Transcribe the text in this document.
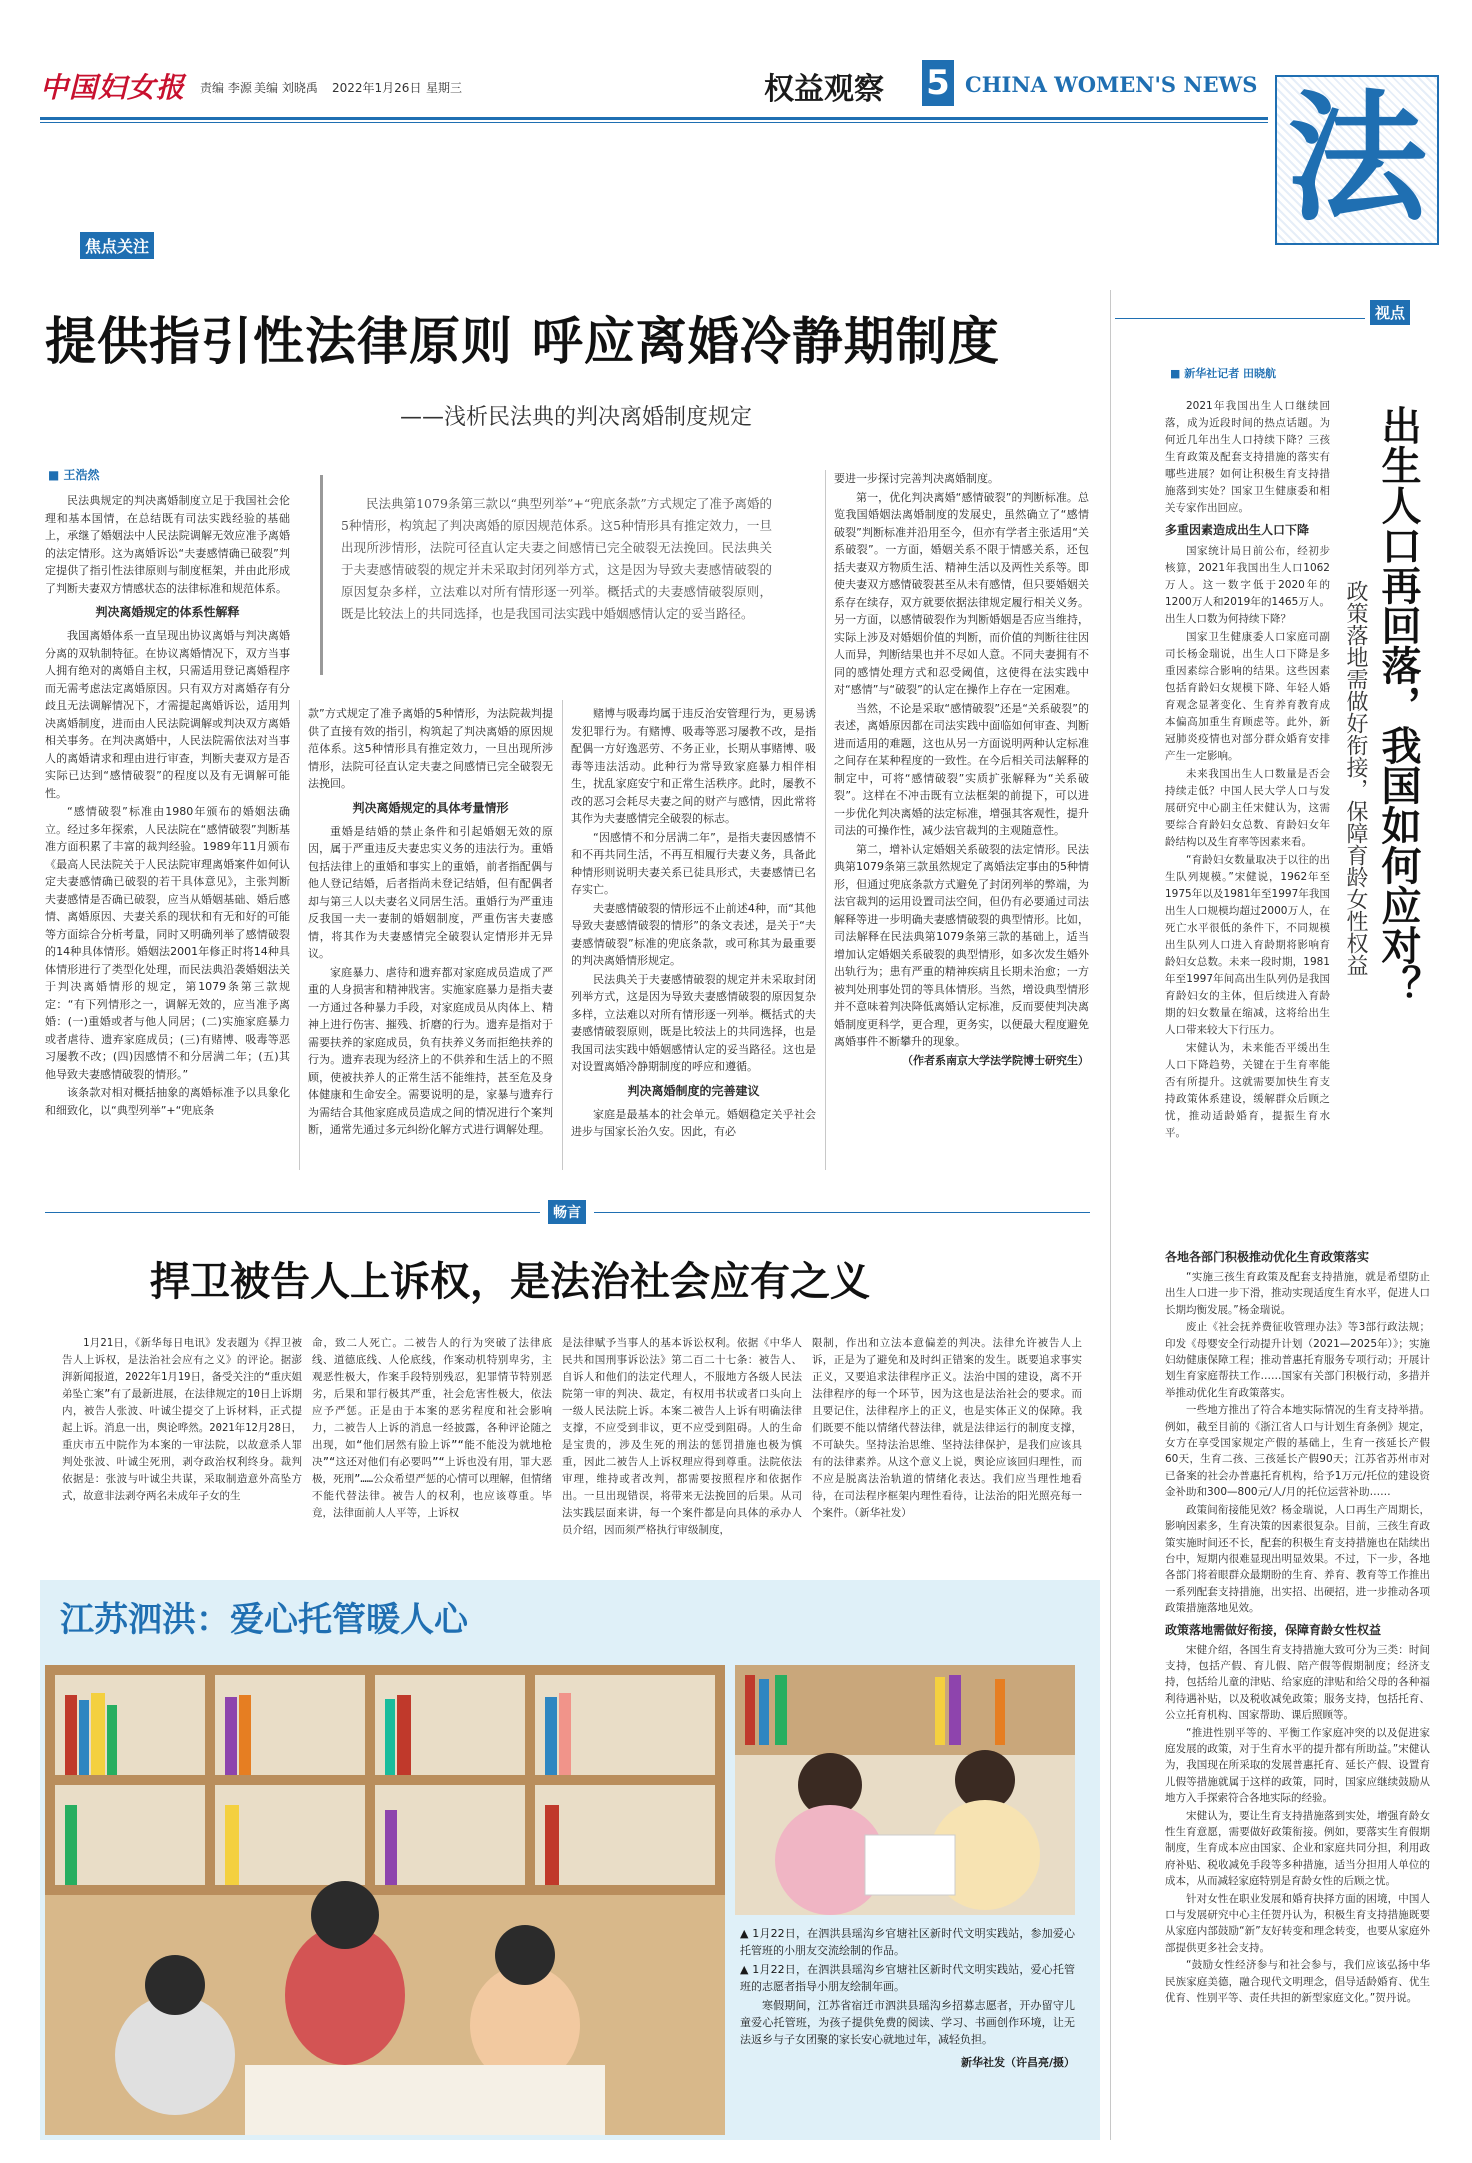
中国妇女报 责编 李源 美编 刘晓禹 2022年1月26日 星期三	权益观察 5 CHINA WOMEN'S NEWS 法
焦点关注
提供指引性法律原则 呼应离婚冷静期制度
——浅析民法典的判决离婚制度规定
■ 王浩然

民法典第1079条第三款以“典型列举”+“兜底条款”方式规定了准予离婚的5种情形，构筑起了判决离婚的原因规范体系。这5种情形具有推定效力，一旦出现所涉情形，法院可径直认定夫妻之间感情已完全破裂无法挽回。民法典关于夫妻感情破裂的规定并未采取封闭列举方式，这是因为导致夫妻感情破裂的原因复杂多样，立法难以对所有情形逐一列举。概括式的夫妻感情破裂原则，既是比较法上的共同选择，也是我国司法实践中婚姻感情认定的妥当路径。

民法典规定的判决离婚制度立足于我国社会伦理和基本国情，在总结既有司法实践经验的基础上，承继了婚姻法中人民法院调解无效应准予离婚的法定情形。这为离婚诉讼“夫妻感情确已破裂”判定提供了指引性法律原则与制度框架，并由此形成了判断夫妻双方情感状态的法律标准和规范体系。

判决离婚规定的体系性解释

我国离婚体系一直呈现出协议离婚与判决离婚分离的双轨制特征。在协议离婚情况下，双方当事人拥有绝对的离婚自主权，只需适用登记离婚程序而无需考虑法定离婚原因。只有双方对离婚存有分歧且无法调解情况下，才需提起离婚诉讼，适用判决离婚制度，进而由人民法院调解或判决双方离婚相关事务。在判决离婚中，人民法院需依法对当事人的离婚请求和理由进行审查，判断夫妻双方是否实际已达到“感情破裂”的程度以及有无调解可能性。

“感情破裂”标准由1980年颁布的婚姻法确立。经过多年探索，人民法院在“感情破裂”判断基准方面积累了丰富的裁判经验。1989年11月颁布《最高人民法院关于人民法院审理离婚案件如何认定夫妻感情确已破裂的若干具体意见》，主张判断夫妻感情是否确已破裂，应当从婚姻基础、婚后感情、离婚原因、夫妻关系的现状和有无和好的可能等方面综合分析考量，同时又明确列举了感情破裂的14种具体情形。婚姻法2001年修正时将14种具体情形进行了类型化处理，而民法典沿袭婚姻法关于判决离婚情形的规定，第1079条第三款规定：“有下列情形之一，调解无效的，应当准予离婚：(一)重婚或者与他人同居；(二)实施家庭暴力或者虐待、遗弃家庭成员；(三)有赌博、吸毒等恶习屡教不改；(四)因感情不和分居满二年；(五)其他导致夫妻感情破裂的情形。”

该条款对相对概括抽象的离婚标准予以具象化和细致化，以“典型列举”+“兜底条

款”方式规定了准予离婚的5种情形，为法院裁判提供了直接有效的指引，构筑起了判决离婚的原因规范体系。这5种情形具有推定效力，一旦出现所涉情形，法院可径直认定夫妻之间感情已完全破裂无法挽回。

判决离婚规定的具体考量情形

重婚是结婚的禁止条件和引起婚姻无效的原因，属于严重违反夫妻忠实义务的违法行为。重婚包括法律上的重婚和事实上的重婚，前者指配偶与他人登记结婚，后者指尚未登记结婚，但有配偶者却与第三人以夫妻名义同居生活。重婚行为严重违反我国一夫一妻制的婚姻制度，严重伤害夫妻感情，将其作为夫妻感情完全破裂认定情形并无异议。

家庭暴力、虐待和遗弃都对家庭成员造成了严重的人身损害和精神戕害。实施家庭暴力是指夫妻一方通过各种暴力手段，对家庭成员从肉体上、精神上进行伤害、摧残、折磨的行为。遗弃是指对于需要扶养的家庭成员，负有扶养义务而拒绝扶养的行为。遗弃表现为经济上的不供养和生活上的不照顾，使被扶养人的正常生活不能维持，甚至危及身体健康和生命安全。需要说明的是，家暴与遗弃行为需结合其他家庭成员造成之间的情况进行个案判断，通常先通过多元纠纷化解方式进行调解处理。

赌博与吸毒均属于违反治安管理行为，更易诱发犯罪行为。有赌博、吸毒等恶习屡教不改，是指配偶一方好逸恶劳、不务正业，长期从事赌博、吸毒等违法活动。此种行为常导致家庭暴力相伴相生，扰乱家庭安宁和正常生活秩序。此时，屡教不改的恶习会耗尽夫妻之间的财产与感情，因此常将其作为夫妻感情完全破裂的标志。

“因感情不和分居满二年”，是指夫妻因感情不和不再共同生活，不再互相履行夫妻义务，具备此种情形则说明夫妻关系已徒具形式，夫妻感情已名存实亡。

夫妻感情破裂的情形远不止前述4种，而“其他导致夫妻感情破裂的情形”的条文表述，是关于“夫妻感情破裂”标准的兜底条款，或可称其为最重要的判决离婚情形规定。

民法典关于夫妻感情破裂的规定并未采取封闭列举方式，这是因为导致夫妻感情破裂的原因复杂多样，立法难以对所有情形逐一列举。概括式的夫妻感情破裂原则，既是比较法上的共同选择，也是我国司法实践中婚姻感情认定的妥当路径。这也是对设置离婚冷静期制度的呼应和遵循。

判决离婚制度的完善建议

家庭是最基本的社会单元。婚姻稳定关乎社会进步与国家长治久安。因此，有必

要进一步探讨完善判决离婚制度。

第一，优化判决离婚“感情破裂”的判断标准。总览我国婚姻法离婚制度的发展史，虽然确立了“感情破裂”判断标准并沿用至今，但亦有学者主张适用“关系破裂”。一方面，婚姻关系不限于情感关系，还包括夫妻双方物质生活、精神生活以及两性关系等。即使夫妻双方感情破裂甚至从未有感情，但只要婚姻关系存在续存，双方就要依据法律规定履行相关义务。另一方面，以感情破裂作为判断婚姻是否应当维持，实际上涉及对婚姻价值的判断，而价值的判断往往因人而异，判断结果也并不尽如人意。不同夫妻拥有不同的感情处理方式和忍受阈值，这使得在法实践中对“感情”与“破裂”的认定在操作上存在一定困难。

当然，不论是采取“感情破裂”还是“关系破裂”的表述，离婚原因都在司法实践中面临如何审查、判断进而适用的难题，这也从另一方面说明两种认定标准之间存在某种程度的一致性。在今后相关司法解释的制定中，可将“感情破裂”实质扩张解释为“关系破裂”。这样在不冲击既有立法框架的前提下，可以进一步优化判决离婚的法定标准，增强其客观性，提升司法的可操作性，减少法官裁判的主观随意性。

第二，增补认定婚姻关系破裂的法定情形。民法典第1079条第三款虽然规定了离婚法定事由的5种情形，但通过兜底条款方式避免了封闭列举的弊端，为法官裁判的运用设置司法空间，但仍有必要通过司法解释等进一步明确夫妻感情破裂的典型情形。比如，司法解释在民法典第1079条第三款的基础上，适当增加认定婚姻关系破裂的典型情形，如多次发生婚外出轨行为；患有严重的精神疾病且长期未治愈；一方被判处刑事处罚的等具体情形。当然，增设典型情形并不意味着判决降低离婚认定标准，反而要使判决离婚制度更科学，更合理，更务实，以便最大程度避免离婚事件不断攀升的现象。

（作者系南京大学法学院博士研究生）

畅言
捍卫被告人上诉权，是法治社会应有之义

1月21日，《新华每日电讯》发表题为《捍卫被告人上诉权，是法治社会应有之义》的评论。据澎湃新闻报道，2022年1月19日，备受关注的“重庆姐弟坠亡案”有了最新进展，在法律规定的10日上诉期内，被告人张波、叶诚尘提交了上诉材料，正式提起上诉。消息一出，舆论哗然。2021年12月28日，重庆市五中院作为本案的一审法院，以故意杀人罪判处张波、叶诚尘死刑，剥夺政治权利终身。裁判依据是：张波与叶诚尘共谋，采取制造意外高坠方式，故意非法剥夺两名未成年子女的生

命，致二人死亡。二被告人的行为突破了法律底线、道德底线、人伦底线，作案动机特别卑劣，主观恶性极大，作案手段特别残忍，犯罪情节特别恶劣，后果和罪行极其严重，社会危害性极大，依法应予严惩。正是由于本案的恶劣程度和社会影响力，二被告人上诉的消息一经披露，各种评论随之出现，如“他们居然有脸上诉”“能不能没为就地枪决”“这还对他们有必要吗”“上诉也没有用，罪大恶极，死刑”……公众希望严惩的心情可以理解，但情绪不能代替法律。被告人的权利，也应该尊重。毕竟，法律面前人人平等，上诉权

是法律赋予当事人的基本诉讼权利。依据《中华人民共和国刑事诉讼法》第二百二十七条：被告人、自诉人和他们的法定代理人，不服地方各级人民法院第一审的判决、裁定，有权用书状或者口头向上一级人民法院上诉。本案二被告人上诉有明确法律支撑，不应受到非议，更不应受到阻碍。人的生命是宝贵的，涉及生死的刑法的惩罚措施也极为慎重，因此二被告人上诉权理应得到尊重。法院依法审理，维持或者改判，都需要按照程序和依据作出。一旦出现错误，将带来无法挽回的后果。从司法实践层面来讲，每一个案件都是向具体的承办人员介绍，因而须严格执行审级制度，

限制，作出和立法本意偏差的判决。法律允许被告人上诉，正是为了避免和及时纠正错案的发生。既要追求事实正义，又要追求法律程序正义。法治中国的建设，离不开法律程序的每一个环节，因为这也是法治社会的要求。而且要记住，法律程序上的正义，也是实体正义的保障。我们既要不能以情绪代替法律，就是法律运行的制度支撑，不可缺失。坚持法治思维、坚持法律保护，是我们应该具有的法律素养。从这个意义上说，舆论应该回归理性，而不应是脱离法治轨道的情绪化表达。我们应当理性地看待，在司法程序框架内理性看待，让法治的阳光照亮每一个案件。（新华社发）

江苏泗洪：爱心托管暖人心

▲ 1月22日，在泗洪县瑶沟乡官塘社区新时代文明实践站，参加爱心托管班的小朋友交流绘制的作品。

▲ 1月22日，在泗洪县瑶沟乡官塘社区新时代文明实践站，爱心托管班的志愿者指导小朋友绘制年画。

寒假期间，江苏省宿迁市泗洪县瑶沟乡招募志愿者，开办留守儿童爱心托管班，为孩子提供免费的阅读、学习、书画创作环境，让无法返乡与子女团聚的家长安心就地过年，减轻负担。

新华社发（许昌亮/摄）

视点
■ 新华社记者 田晓航
出生人口再回落，我国如何应对？
政策落地需做好衔接，保障育龄女性权益

2021年我国出生人口继续回落，成为近段时间的热点话题。为何近几年出生人口持续下降？三孩生育政策及配套支持措施的落实有哪些进展？如何让积极生育支持措施落到实处？国家卫生健康委和相关专家作出回应。

多重因素造成出生人口下降

国家统计局日前公布，经初步核算，2021年我国出生人口1062万人。这一数字低于2020年的1200万人和2019年的1465万人。出生人口数为何持续下降？

国家卫生健康委人口家庭司副司长杨金瑞说，出生人口下降是多重因素综合影响的结果。这些因素包括育龄妇女规模下降、年轻人婚育观念显著变化、生育养育教育成本偏高加重生育顾虑等。此外，新冠肺炎疫情也对部分群众婚育安排产生一定影响。

未来我国出生人口数量是否会持续走低？中国人民大学人口与发展研究中心副主任宋健认为，这需要综合育龄妇女总数、育龄妇女年龄结构以及生育率等因素来看。

“育龄妇女数量取决于以往的出生队列规模。”宋健说，1962年至1975年以及1981年至1997年我国出生人口规模均超过2000万人，在死亡水平很低的条件下，不同规模出生队列人口进入育龄期将影响育龄妇女总数。未来一段时期，1981年至1997年间高出生队列仍是我国育龄妇女的主体，但后续进入育龄期的妇女数量在缩减，这将给出生人口带来较大下行压力。

宋健认为，未来能否平缓出生人口下降趋势，关键在于生育率能否有所提升。这就需要加快生育支持政策体系建设，缓解群众后顾之忧，推动适龄婚育，提振生育水平。

各地各部门积极推动优化生育政策落实

“实施三孩生育政策及配套支持措施，就是希望防止出生人口进一步下滑，推动实现适度生育水平，促进人口长期均衡发展。”杨金瑞说。

废止《社会抚养费征收管理办法》等3部行政法规；印发《母婴安全行动提升计划（2021—2025年）》；实施妇幼健康保障工程；推动普惠托育服务专项行动；开展计划生育家庭帮扶工作……国家有关部门积极行动，多措并举推动优化生育政策落实。

一些地方推出了符合本地实际情况的生育支持举措。例如，截至目前的《浙江省人口与计划生育条例》规定，女方在享受国家规定产假的基础上，生育一孩延长产假60天，生育二孩、三孩延长产假90天；江苏省苏州市对已备案的社会办普惠托育机构，给予1万元/托位的建设资金补助和300—800元/人/月的托位运营补助……

政策间衔接能见效？杨金瑞说，人口再生产周期长，影响因素多，生育决策的因素很复杂。目前，三孩生育政策实施时间还不长，配套的积极生育支持措施也在陆续出台中，短期内很难显现出明显效果。不过，下一步，各地各部门将着眼群众最期盼的生育、养育、教育等工作推出一系列配套支持措施，出实招、出硬招，进一步推动各项政策措施落地见效。

政策落地需做好衔接，保障育龄女性权益

宋健介绍，各国生育支持措施大致可分为三类：时间支持，包括产假、育儿假、陪产假等假期制度；经济支持，包括给儿童的津贴、给家庭的津贴和给父母的各种福利待遇补贴，以及税收减免政策；服务支持，包括托育、公立托育机构、国家帮助、课后照顾等。

“推进性别平等的、平衡工作家庭冲突的以及促进家庭发展的政策，对于生育水平的提升都有所助益。”宋健认为，我国现在所采取的发展普惠托育、延长产假、设置育儿假等措施就属于这样的政策，同时，国家应继续鼓励从地方入手探索符合各地实际的经验。

宋健认为，要让生育支持措施落到实处，增强育龄女性生育意愿，需要做好政策衔接。例如，要落实生育假期制度，生育成本应由国家、企业和家庭共同分担，利用政府补贴、税收减免手段等多种措施，适当分担用人单位的成本，从而减轻家庭特别是育龄女性的后顾之忧。

针对女性在职业发展和婚育抉择方面的困境，中国人口与发展研究中心主任贺丹认为，积极生育支持措施既要从家庭内部鼓励“新”友好转变和理念转变，也要从家庭外部提供更多社会支持。

“鼓励女性经济参与和社会参与，我们应该弘扬中华民族家庭美德，融合现代文明理念，倡导适龄婚育、优生优育、性别平等、责任共担的新型家庭文化。”贺丹说。
